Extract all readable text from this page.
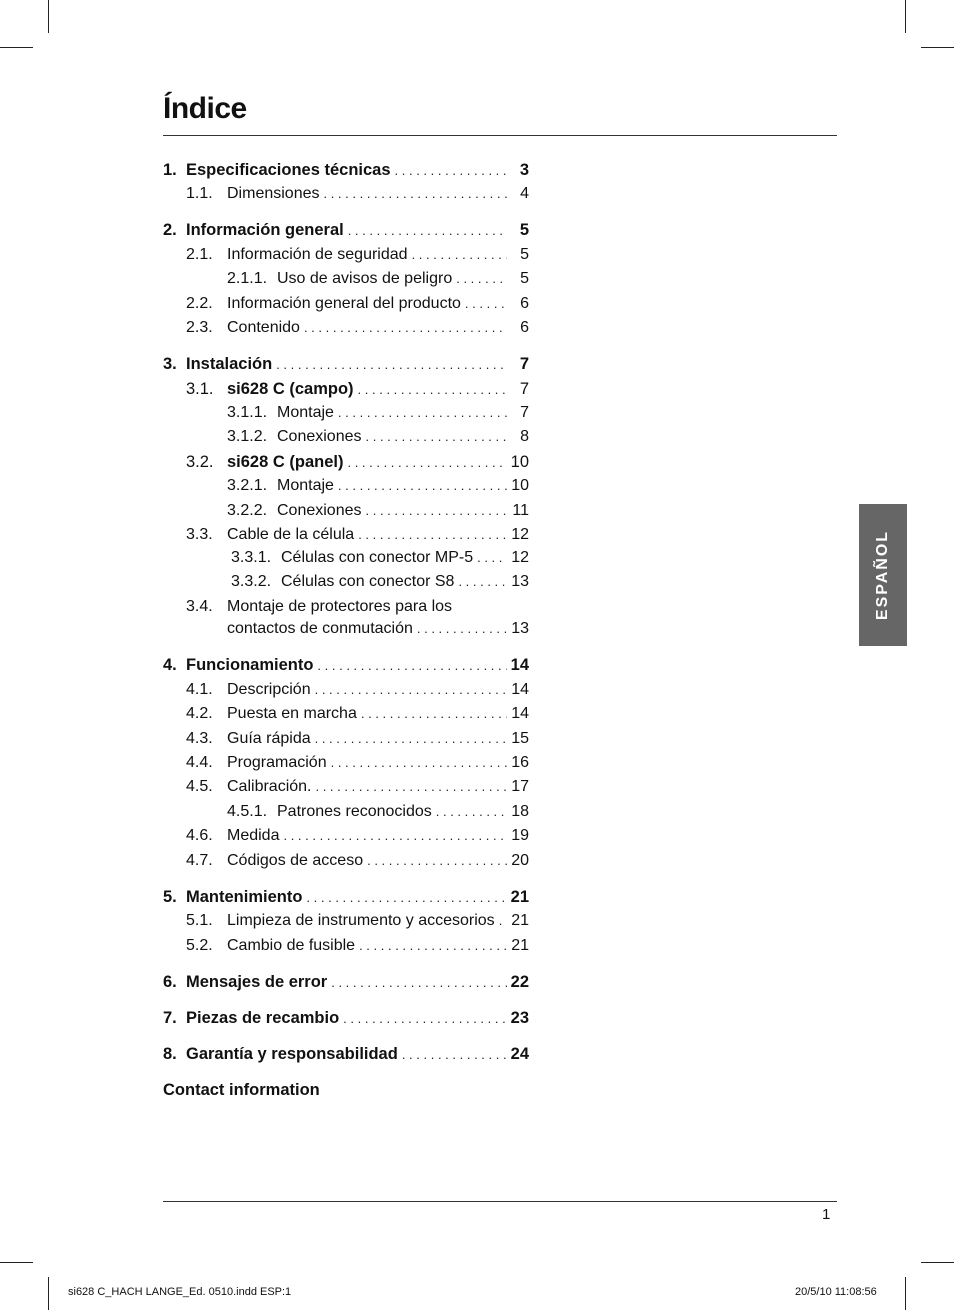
Índice
1. Especificaciones técnicas . . .	3
1.1. Dimensiones . . .	4
2. Información general . . .	5
2.1. Información de seguridad . . .	5
2.1.1. Uso de avisos de peligro . . .	5
2.2. Información general del producto . . .	6
2.3. Contenido . . .	6
3. Instalación . . .	7
3.1. si628 C (campo) . . .	7
3.1.1. Montaje . . .	7
3.1.2. Conexiones . . .	8
3.2. si628 C (panel) . . .	10
3.2.1. Montaje . . .	10
3.2.2. Conexiones . . .	11
3.3. Cable de la célula . . .	12
3.3.1. Células con conector MP-5 . . . 12
3.3.2. Células con conector S8 . . .	13
3.4. Montaje de protectores para los
contactos de conmutación . . .	13
4. Funcionamiento . . .	14
4.1. Descripción . . .	14
4.2. Puesta en marcha . . .	14
4.3. Guía rápida . . .	15
4.4. Programación . . .	16
4.5. Calibración. . . .	17
4.5.1. Patrones reconocidos . . .	18
4.6. Medida . . .	19
4.7. Códigos de acceso . . .	20
5. Mantenimiento . . .	21
5.1. Limpieza de instrumento y accesorios . . . 21
5.2. Cambio de fusible . . .	21
6. Mensajes de error . . .	22
7. Piezas de recambio . . .	23
8. Garantía y responsabilidad . . .	24
Contact information
ESPAÑOL
1
si628 C_HACH LANGE_Ed. 0510.indd ESP:1	20/5/10 11:08:56
